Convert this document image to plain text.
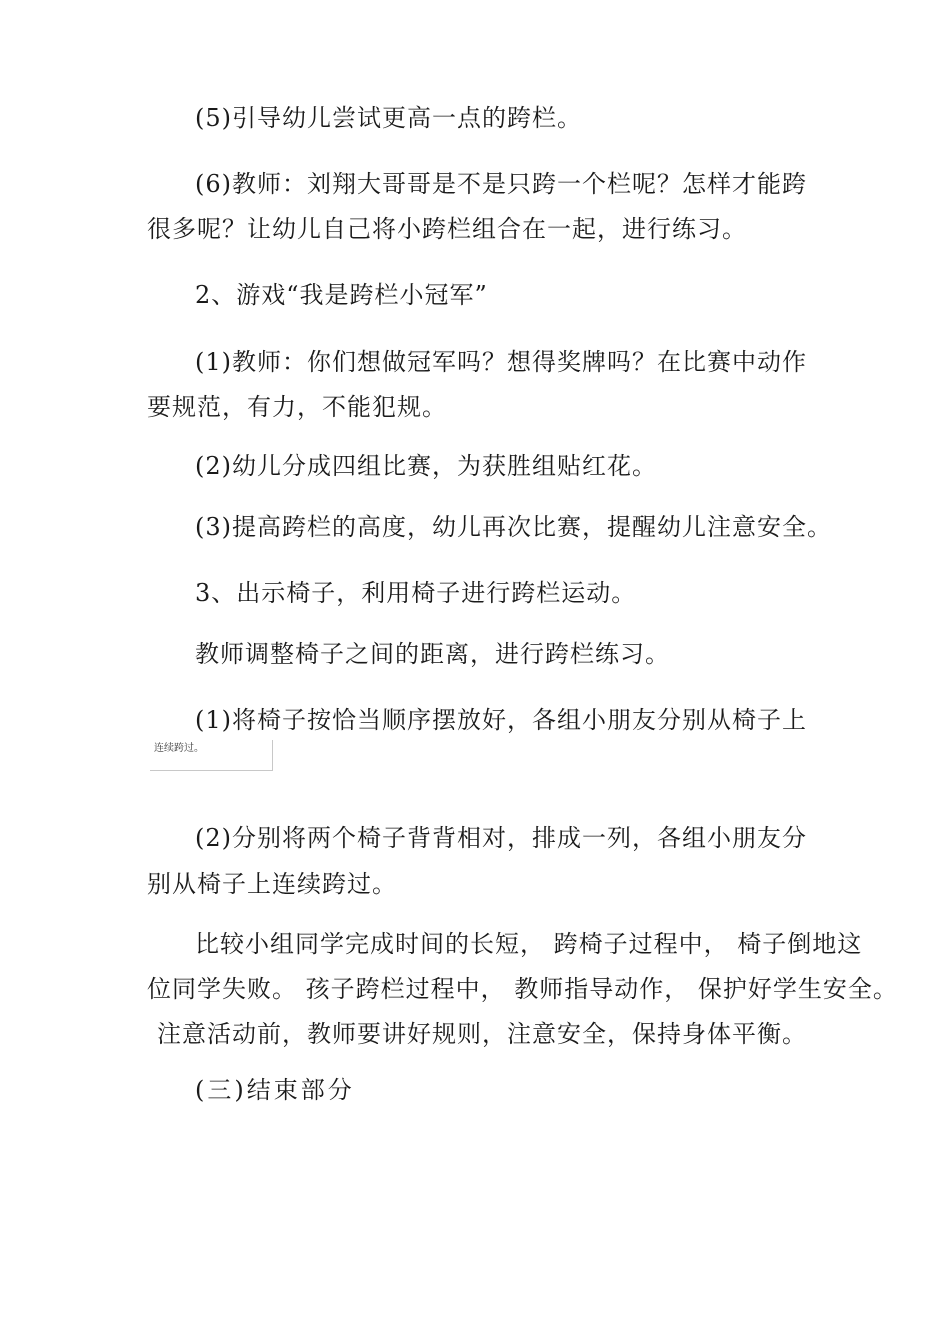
(5)引导幼儿尝试更高一点的跨栏。
(6)教师：刘翔大哥哥是不是只跨一个栏呢？怎样才能跨
很多呢？让幼儿自己将小跨栏组合在一起，进行练习。
2、游戏“我是跨栏小冠军”
(1)教师：你们想做冠军吗？想得奖牌吗？在比赛中动作
要规范，有力，不能犯规。
(2)幼儿分成四组比赛，为获胜组贴红花。
(3)提高跨栏的高度，幼儿再次比赛，提醒幼儿注意安全。
3、出示椅子，利用椅子进行跨栏运动。
教师调整椅子之间的距离，进行跨栏练习。
(1)将椅子按恰当顺序摆放好，各组小朋友分别从椅子上
连续跨过。
(2)分别将两个椅子背背相对，排成一列，各组小朋友分
别从椅子上连续跨过。
比较小组同学完成时间的长短， 跨椅子过程中， 椅子倒地这
位同学失败。 孩子跨栏过程中， 教师指导动作， 保护好学生安全。
注意活动前，教师要讲好规则，注意安全，保持身体平衡。
(三)结束部分
